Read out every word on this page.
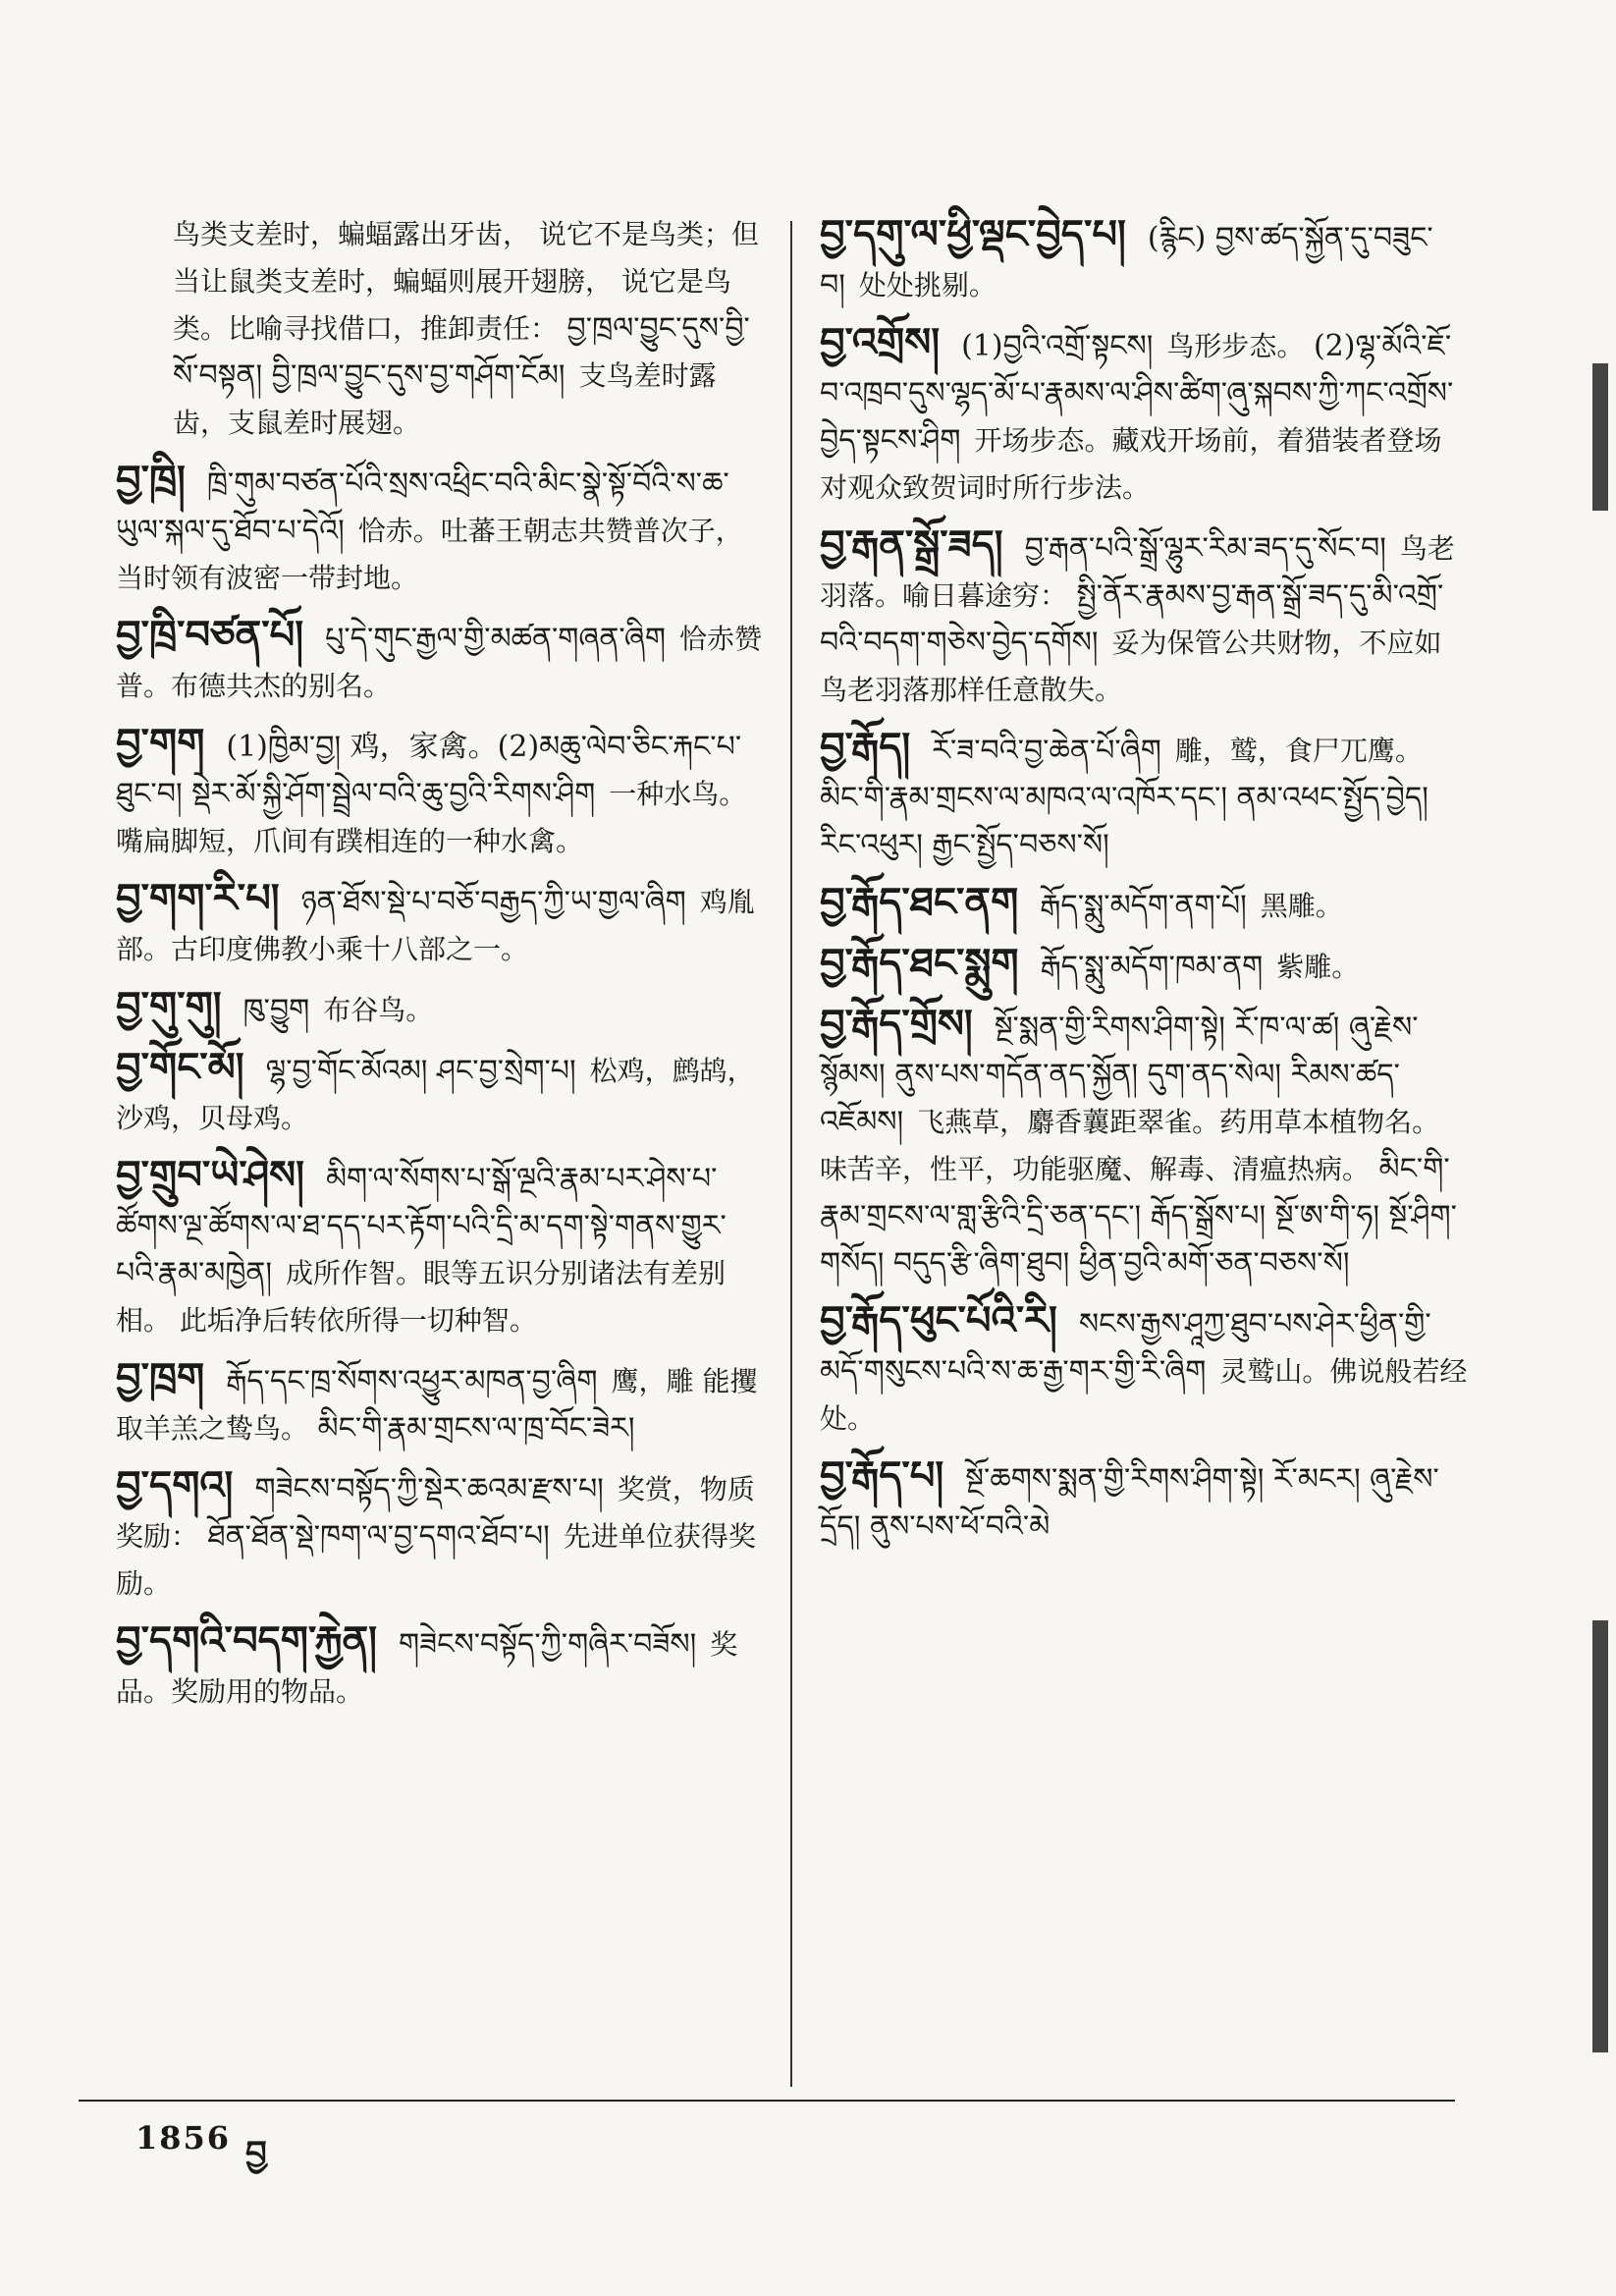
鸟类支差时，蝙蝠露出牙齿， 说它不是鸟类；但当让鼠类支差时，蝙蝠则展开翅膀， 说它是鸟类。比喻寻找借口，推卸责任： བྱ་ཁྲལ་བྱུང་དུས་བྱི་སོ་བསྟན། བྱི་ཁྲལ་བྱུང་དུས་བྱ་གཤོག་ངོམ། 支鸟差时露齿，支鼠差时展翅。
བྱ་ཁྲི། ཁྲི་གུམ་བཙན་པོའི་སྲས་འཕྲིང་བའི་མིང་སྣེ་སྟོ་བོའི་ས་ཆ་ཡུལ་སྐལ་དུ་ཐོབ་པ་དེའོ། 恰赤。吐蕃王朝志共赞普次子， 当时领有波密一带封地。
བྱ་ཁྲི་བཙན་པོ། པུ་དེ་གུང་རྒྱལ་གྱི་མཚན་གཞན་ཞིག 恰赤赞普。布德共杰的别名。
བྱ་གག (1)ཁྱིམ་བྱ། 鸡，家禽。(2)མཆུ་ལེབ་ཅིང་རྐང་པ་ཐུང་བ། སྡེར་མོ་སྐྱི་ཤོག་སྦྲེལ་བའི་ཆུ་བྱའི་རིགས་ཤིག 一种水鸟。嘴扁脚短，爪间有蹼相连的一种水禽。
བྱ་གག་རི་པ། ཉན་ཐོས་སྡེ་པ་བཅོ་བརྒྱད་ཀྱི་ཡ་གྱལ་ཞིག 鸡胤部。古印度佛教小乘十八部之一。
བྱ་གུ་གུ། ཁུ་བྱུག 布谷鸟。
བྱ་གོང་མོ། ལྷ་བྱ་གོང་མོའམ། ཤང་བྱ་སྲེག་པ། 松鸡，鹧鸪，沙鸡，贝母鸡。
བྱ་གྲུབ་ཡེ་ཤེས། མིག་ལ་སོགས་པ་སྒོ་ལྔའི་རྣམ་པར་ཤེས་པ་ཚོགས་ལྔ་ཚོགས་ལ་ཐ་དད་པར་རྟོག་པའི་དྲི་མ་དག་སྟེ་གནས་གྱུར་པའི་རྣམ་མཁྱེན། 成所作智。眼等五识分别诸法有差别相。 此垢净后转依所得一切种智。
བྱ་ཁྲག རྒོད་དང་ཁྲ་སོགས་འཕྱུར་མཁན་བྱ་ཞིག 鹰，雕 能攫取羊羔之鸷鸟。 མིང་གི་རྣམ་གྲངས་ལ་ཁྲ་བོང་ཟེར།
བྱ་དགའ། གཟེངས་བསྟོད་ཀྱི་སྡེར་ཆའམ་རྫས་པ། 奖赏，物质奖励： ཐོན་ཐོན་སྡེ་ཁག་ལ་བྱ་དགའ་ཐོབ་པ། 先进单位获得奖励。
བྱ་དགའི་བདག་རྐྱེན། གཟེངས་བསྟོད་ཀྱི་གཞིར་བཟོས། 奖品。奖励用的物品。
བྱ་དགུ་ལ་ཕྱི་ལྡང་བྱེད་པ། (རྙིང) བྱས་ཚད་སྐྱོན་དུ་བཟུང་བ། 处处挑剔。
བྱ་འགྲོས། (1)བྱའི་འགྲོ་སྟངས། 鸟形步态。 (2)ལྷ་མོའི་ཇོ་བ་འཁྲབ་དུས་ལྷད་མོ་པ་རྣམས་ལ་ཤིས་ཚིག་ཞུ་སྐབས་ཀྱི་ཀང་འགྲོས་བྱེད་སྟངས་ཤིག 开场步态。藏戏开场前，着猎装者登场对观众致贺词时所行步法。
བྱ་རྒན་སྒྲོ་ཟད། བྱ་རྒན་པའི་སྒྲོ་ལྷུར་རིམ་ཟད་དུ་སོང་བ། 鸟老羽落。喻日暮途穷： སྤྱི་ནོར་རྣམས་བྱ་རྒན་སྒྲོ་ཟད་དུ་མི་འགྲོ་བའི་བདག་གཅེས་བྱེད་དགོས། 妥为保管公共财物，不应如鸟老羽落那样任意散失。
བྱ་རྒོད། རོ་ཟ་བའི་བྱ་ཆེན་པོ་ཞིག 雕，鹫，食尸兀鹰。 མིང་གི་རྣམ་གྲངས་ལ་མཁའ་ལ་འཁོར་དང་། ནམ་འཕང་སྤྱོད་བྱེད། རིང་འཕུར། རྒྱང་སྤྱོད་བཅས་སོ།
བྱ་རྒོད་ཐང་ནག རྒོད་སྨུ་མདོག་ནག་པོ། 黑雕。
བྱ་རྒོད་ཐང་སྨུག རྒོད་སྨུ་མདོག་ཁམ་ནག 紫雕。
བྱ་རྒོད་གྲོས། སྔོ་སྨན་གྱི་རིགས་ཤིག་སྟེ། རོ་ཁ་ལ་ཚ། ཞུ་རྗེས་སྙོམས། ནུས་པས་གདོན་ནད་སྐྱོན། དུག་ནད་སེལ། རིམས་ཚད་འཇོམས། 飞燕草，麝香蘘距翠雀。药用草本植物名。 味苦辛，性平，功能驱魔、解毒、清瘟热病。 མིང་གི་རྣམ་གྲངས་ལ་གླ་རྩིའི་དྲི་ཅན་དང་། རྒོད་སྒྲོས་པ། སྔོ་ཨ་གི་ཧ། སྔོ་ཤིག་གསོད། བདུད་རྩི་ཞིག་ཐུབ། ཕྱིན་བྱའི་མགོ་ཅན་བཅས་སོ།
བྱ་རྒོད་ཕུང་པོའི་རི། སངས་རྒྱས་ཤཱཀྱ་ཐུབ་པས་ཤེར་ཕྱིན་གྱི་མདོ་གསུངས་པའི་ས་ཆ་རྒྱ་གར་གྱི་རི་ཞིག 灵鹫山。佛说般若经处。
བྱ་རྒོད་པ། སྔོ་ཆགས་སྨན་གྱི་རིགས་ཤིག་སྟེ། རོ་མངར། ཞུ་རྗེས་དྲོད། ནུས་པས་ཕོ་བའི་མེ
1856 བྱ
